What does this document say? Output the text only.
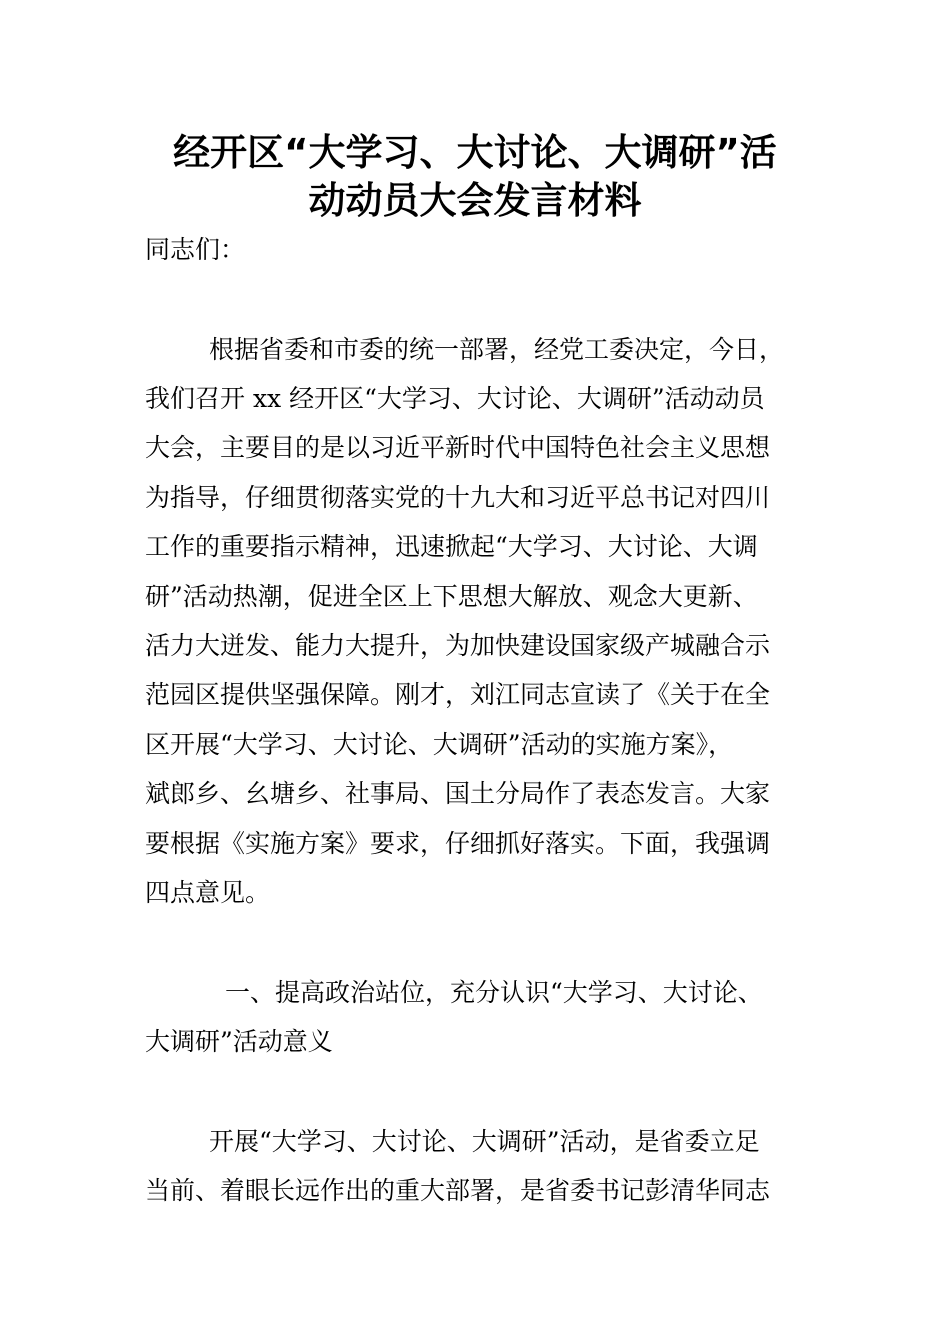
经开区“大学习、大讨论、大调研”活
动动员大会发言材料
同志们：
根据省委和市委的统一部署，经党工委决定，今日，
我们召开 xx 经开区“大学习、大讨论、大调研”活动动员
大会，主要目的是以习近平新时代中国特色社会主义思想
为指导，仔细贯彻落实党的十九大和习近平总书记对四川
工作的重要指示精神，迅速掀起“大学习、大讨论、大调
研”活动热潮，促进全区上下思想大解放、观念大更新、
活力大迸发、能力大提升，为加快建设国家级产城融合示
范园区提供坚强保障。刚才，刘江同志宣读了《关于在全
区开展“大学习、大讨论、大调研”活动的实施方案》，
斌郎乡、幺塘乡、社事局、国土分局作了表态发言。大家
要根据《实施方案》要求，仔细抓好落实。下面，我强调
四点意见。
一、提高政治站位，充分认识“大学习、大讨论、
大调研”活动意义
开展“大学习、大讨论、大调研”活动，是省委立足
当前、着眼长远作出的重大部署，是省委书记彭清华同志
